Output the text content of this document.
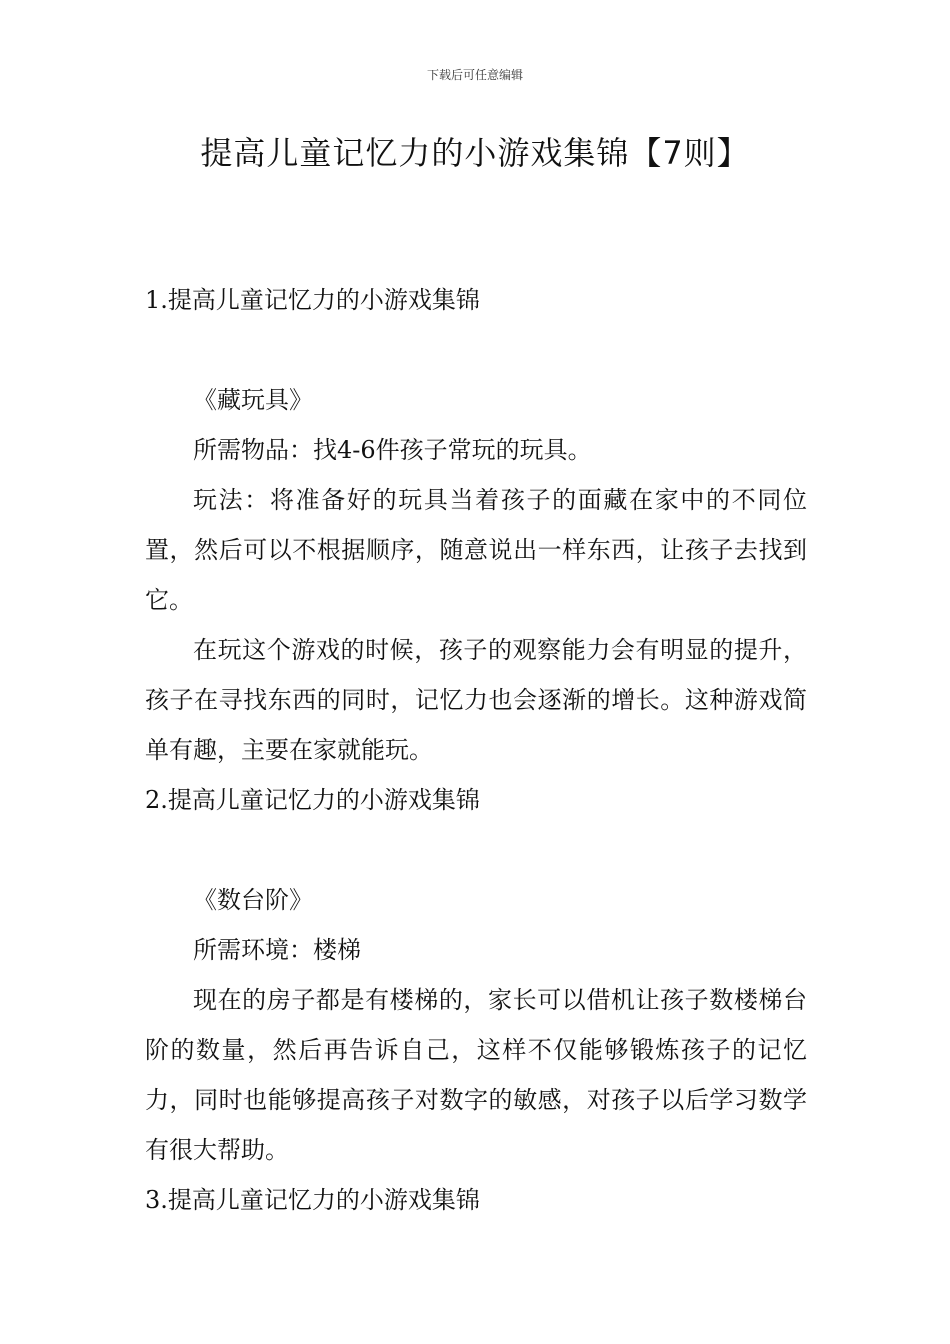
下载后可任意编辑
提高儿童记忆力的小游戏集锦【7则】

1.提高儿童记忆力的小游戏集锦

《藏玩具》

所需物品：找4-6件孩子常玩的玩具。

玩法：将准备好的玩具当着孩子的面藏在家中的不同位置，然后可以不根据顺序，随意说出一样东西，让孩子去找到它。

在玩这个游戏的时候，孩子的观察能力会有明显的提升，孩子在寻找东西的同时，记忆力也会逐渐的增长。这种游戏简单有趣，主要在家就能玩。

2.提高儿童记忆力的小游戏集锦

《数台阶》

所需环境：楼梯

现在的房子都是有楼梯的，家长可以借机让孩子数楼梯台阶的数量，然后再告诉自己，这样不仅能够锻炼孩子的记忆力，同时也能够提高孩子对数字的敏感，对孩子以后学习数学有很大帮助。

3.提高儿童记忆力的小游戏集锦
